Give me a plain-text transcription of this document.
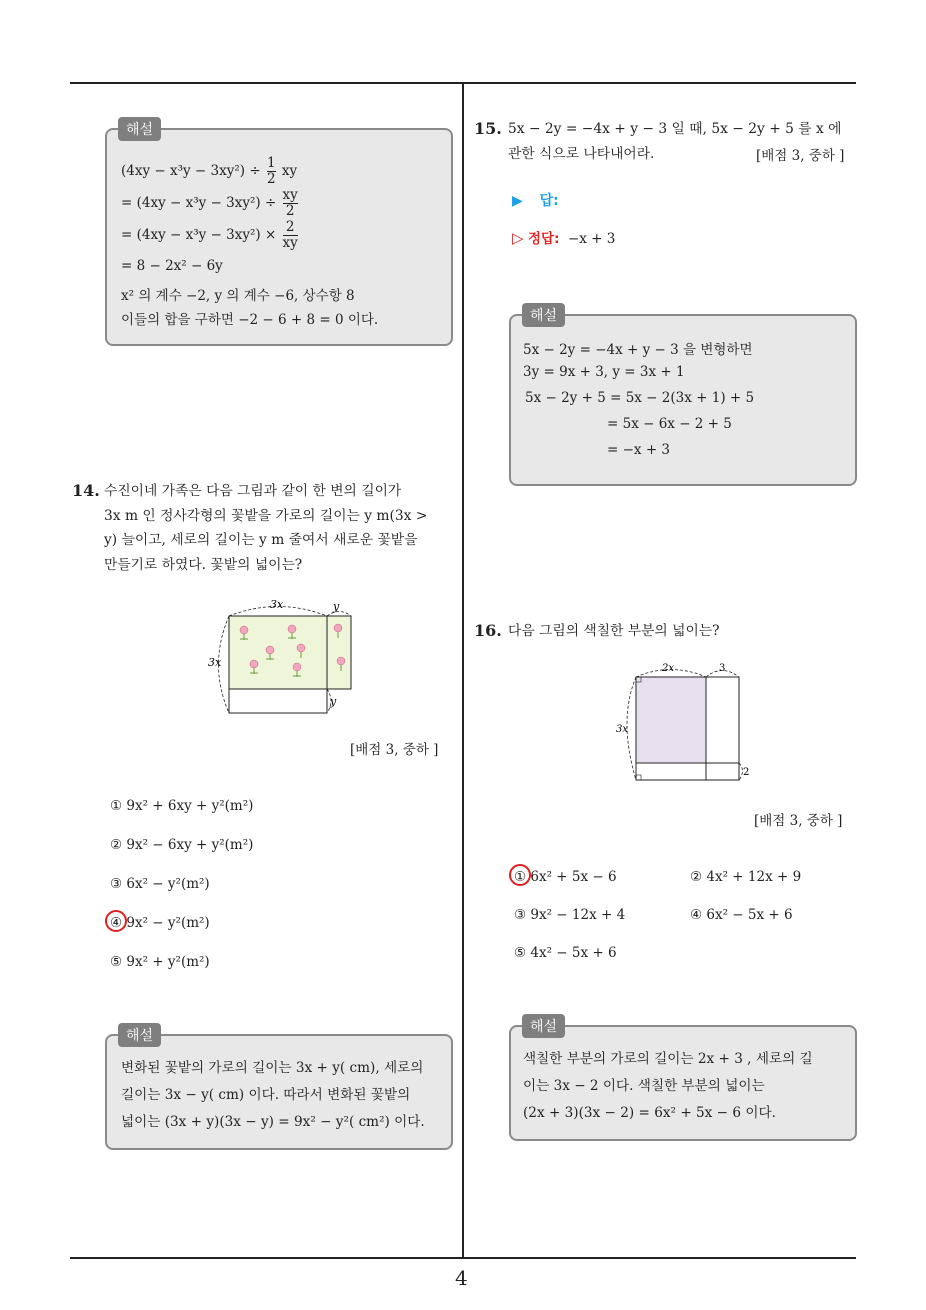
4
$(4xy - x^3y - 3xy^2) \div \frac{1}{2}$ xy
= $(4xy - x^3y - 3xy^2) \div \frac{xy}{2}$
= $(4xy - x^3y - 3xy^2) \times \frac{2}{xy}$
= 8 − 2x² − 6y
x² 의 계수 −2, y 의 계수 −6, 상수항 8
이들의 합을 구하면 −2 − 6 + 8 = 0 이다.
해설
14. 수진이네 가족은 다음 그림과 같이 한 변의 길이가
3x m 인 정사각형의 꽃밭을 가로의 길이는 y m(3x >
y) 늘이고, 세로의 길이는 y m 줄여서 새로운 꽃밭을
만들기로 하였다. 꽃밭의 넓이는?
3x	y
3x
y
[배점 3, 중하 ]
① 9x² + 6xy + y²(m²)
② 9x² − 6xy + y²(m²)
③ 6x² − y²(m²)
④ 9x² − y²(m²)
⑤ 9x² + y²(m²)
변화된 꽃밭의 가로의 길이는 3x + y( cm), 세로의
길이는 3x − y( cm) 이다. 따라서 변화된 꽃밭의
넓이는 (3x + y)(3x − y) = 9x² − y²( cm²) 이다.
해설
15. 5x − 2y = −4x + y − 3 일 때, 5x − 2y + 5 를 x 에
관한 식으로 나타내어라.	[배점 3, 중하 ]
▶ 답:
▷ 정답: −x + 3
5x − 2y = −4x + y − 3 을 변형하면
3y = 9x + 3, y = 3x + 1
5x − 2y + 5 = 5x − 2(3x + 1) + 5
= 5x − 6x − 2 + 5
= −x + 3
해설
16. 다음 그림의 색칠한 부분의 넓이는?
2x	3
3x
2
[배점 3, 중하 ]
① 6x² + 5x − 6	② 4x² + 12x + 9
③ 9x² − 12x + 4	④ 6x² − 5x + 6
⑤ 4x² − 5x + 6
색칠한 부분의 가로의 길이는 2x + 3 , 세로의 길
이는 3x − 2 이다. 색칠한 부분의 넓이는
(2x + 3)(3x − 2) = 6x² + 5x − 6 이다.
해설
